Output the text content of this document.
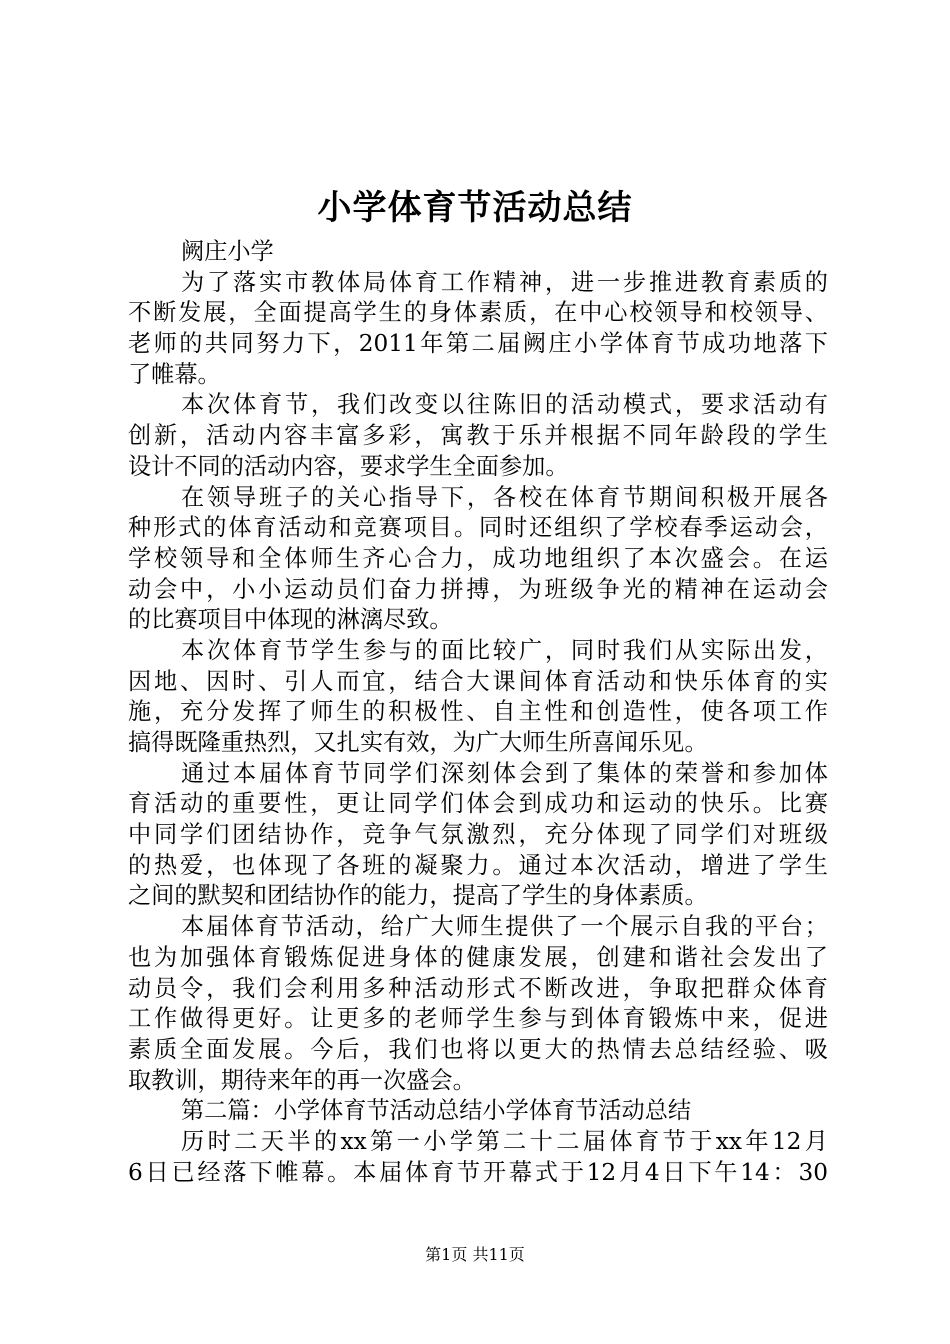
小学体育节活动总结
阙庄小学
为了落实市教体局体育工作精神，进一步推进教育素质的
不断发展，全面提高学生的身体素质，在中心校领导和校领导、
老师的共同努力下，2011年第二届阙庄小学体育节成功地落下
了帷幕。
本次体育节，我们改变以往陈旧的活动模式，要求活动有
创新，活动内容丰富多彩，寓教于乐并根据不同年龄段的学生
设计不同的活动内容，要求学生全面参加。
在领导班子的关心指导下，各校在体育节期间积极开展各
种形式的体育活动和竞赛项目。同时还组织了学校春季运动会，
学校领导和全体师生齐心合力，成功地组织了本次盛会。在运
动会中，小小运动员们奋力拼搏，为班级争光的精神在运动会
的比赛项目中体现的淋漓尽致。
本次体育节学生参与的面比较广，同时我们从实际出发，
因地、因时、引人而宜，结合大课间体育活动和快乐体育的实
施，充分发挥了师生的积极性、自主性和创造性，使各项工作
搞得既隆重热烈，又扎实有效，为广大师生所喜闻乐见。
通过本届体育节同学们深刻体会到了集体的荣誉和参加体
育活动的重要性，更让同学们体会到成功和运动的快乐。比赛
中同学们团结协作，竞争气氛激烈，充分体现了同学们对班级
的热爱，也体现了各班的凝聚力。通过本次活动，增进了学生
之间的默契和团结协作的能力，提高了学生的身体素质。
本届体育节活动，给广大师生提供了一个展示自我的平台；
也为加强体育锻炼促进身体的健康发展，创建和谐社会发出了
动员令，我们会利用多种活动形式不断改进，争取把群众体育
工作做得更好。让更多的老师学生参与到体育锻炼中来，促进
素质全面发展。今后，我们也将以更大的热情去总结经验、吸
取教训，期待来年的再一次盛会。
第二篇：小学体育节活动总结小学体育节活动总结
历时二天半的xx第一小学第二十二届体育节于xx年12月
6日已经落下帷幕。本届体育节开幕式于12月4日下午14：30
第1页 共11页
